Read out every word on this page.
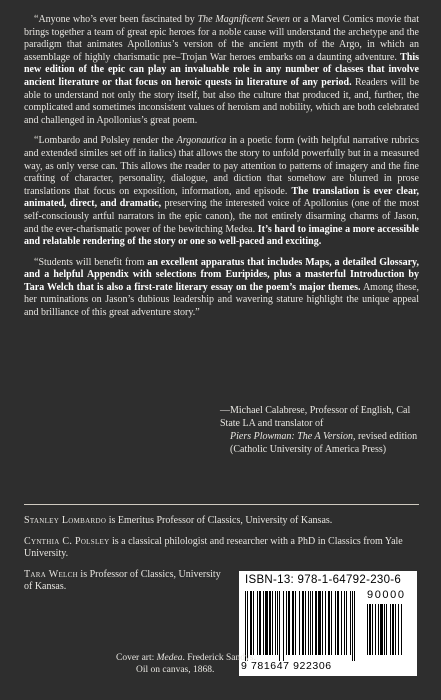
“Anyone who’s ever been fascinated by The Magnificent Seven or a Marvel Comics movie that brings together a team of great epic heroes for a noble cause will understand the archetype and the paradigm that animates Apollonius’s version of the ancient myth of the Argo, in which an assemblage of highly charismatic pre–Trojan War heroes embarks on a daunting adventure. This new edition of the epic can play an invaluable role in any number of classes that involve ancient literature or that focus on heroic quests in literature of any period. Readers will be able to understand not only the story itself, but also the culture that produced it, and, further, the complicated and sometimes inconsistent values of heroism and nobility, which are both celebrated and challenged in Apollonius’s great poem.

“Lombardo and Polsley render the Argonautica in a poetic form (with helpful narrative rubrics and extended similes set off in italics) that allows the story to unfold powerfully but in a measured way, as only verse can. This allows the reader to pay attention to patterns of imagery and the fine crafting of character, personality, dialogue, and diction that somehow are blurred in prose translations that focus on exposition, information, and episode. The translation is ever clear, animated, direct, and dramatic, preserving the interested voice of Apollonius (one of the most self-consciously artful narrators in the epic canon), the not entirely disarming charms of Jason, and the ever-charismatic power of the bewitching Medea. It’s hard to imagine a more accessible and relatable rendering of the story or one so well-paced and exciting.

“Students will benefit from an excellent apparatus that includes Maps, a detailed Glossary, and a helpful Appendix with selections from Euripides, plus a masterful Introduction by Tara Welch that is also a first-rate literary essay on the poem’s major themes. Among these, her ruminations on Jason’s dubious leadership and wavering stature highlight the unique appeal and brilliance of this great adventure story.”

—Michael Calabrese, Professor of English, Cal State LA and translator of
Piers Plowman: The A Version, revised edition
(Catholic University of America Press)

Stanley Lombardo is Emeritus Professor of Classics, University of Kansas.

Cynthia C. Polsley is a classical philologist and researcher with a PhD in Classics from Yale University.

Tara Welch is Professor of Classics, University of Kansas.

ISBN-13: 978-1-64792-230-6
90000
9 781647 922306
Cover art: Medea. Frederick Sandys.
Oil on canvas, 1868.
